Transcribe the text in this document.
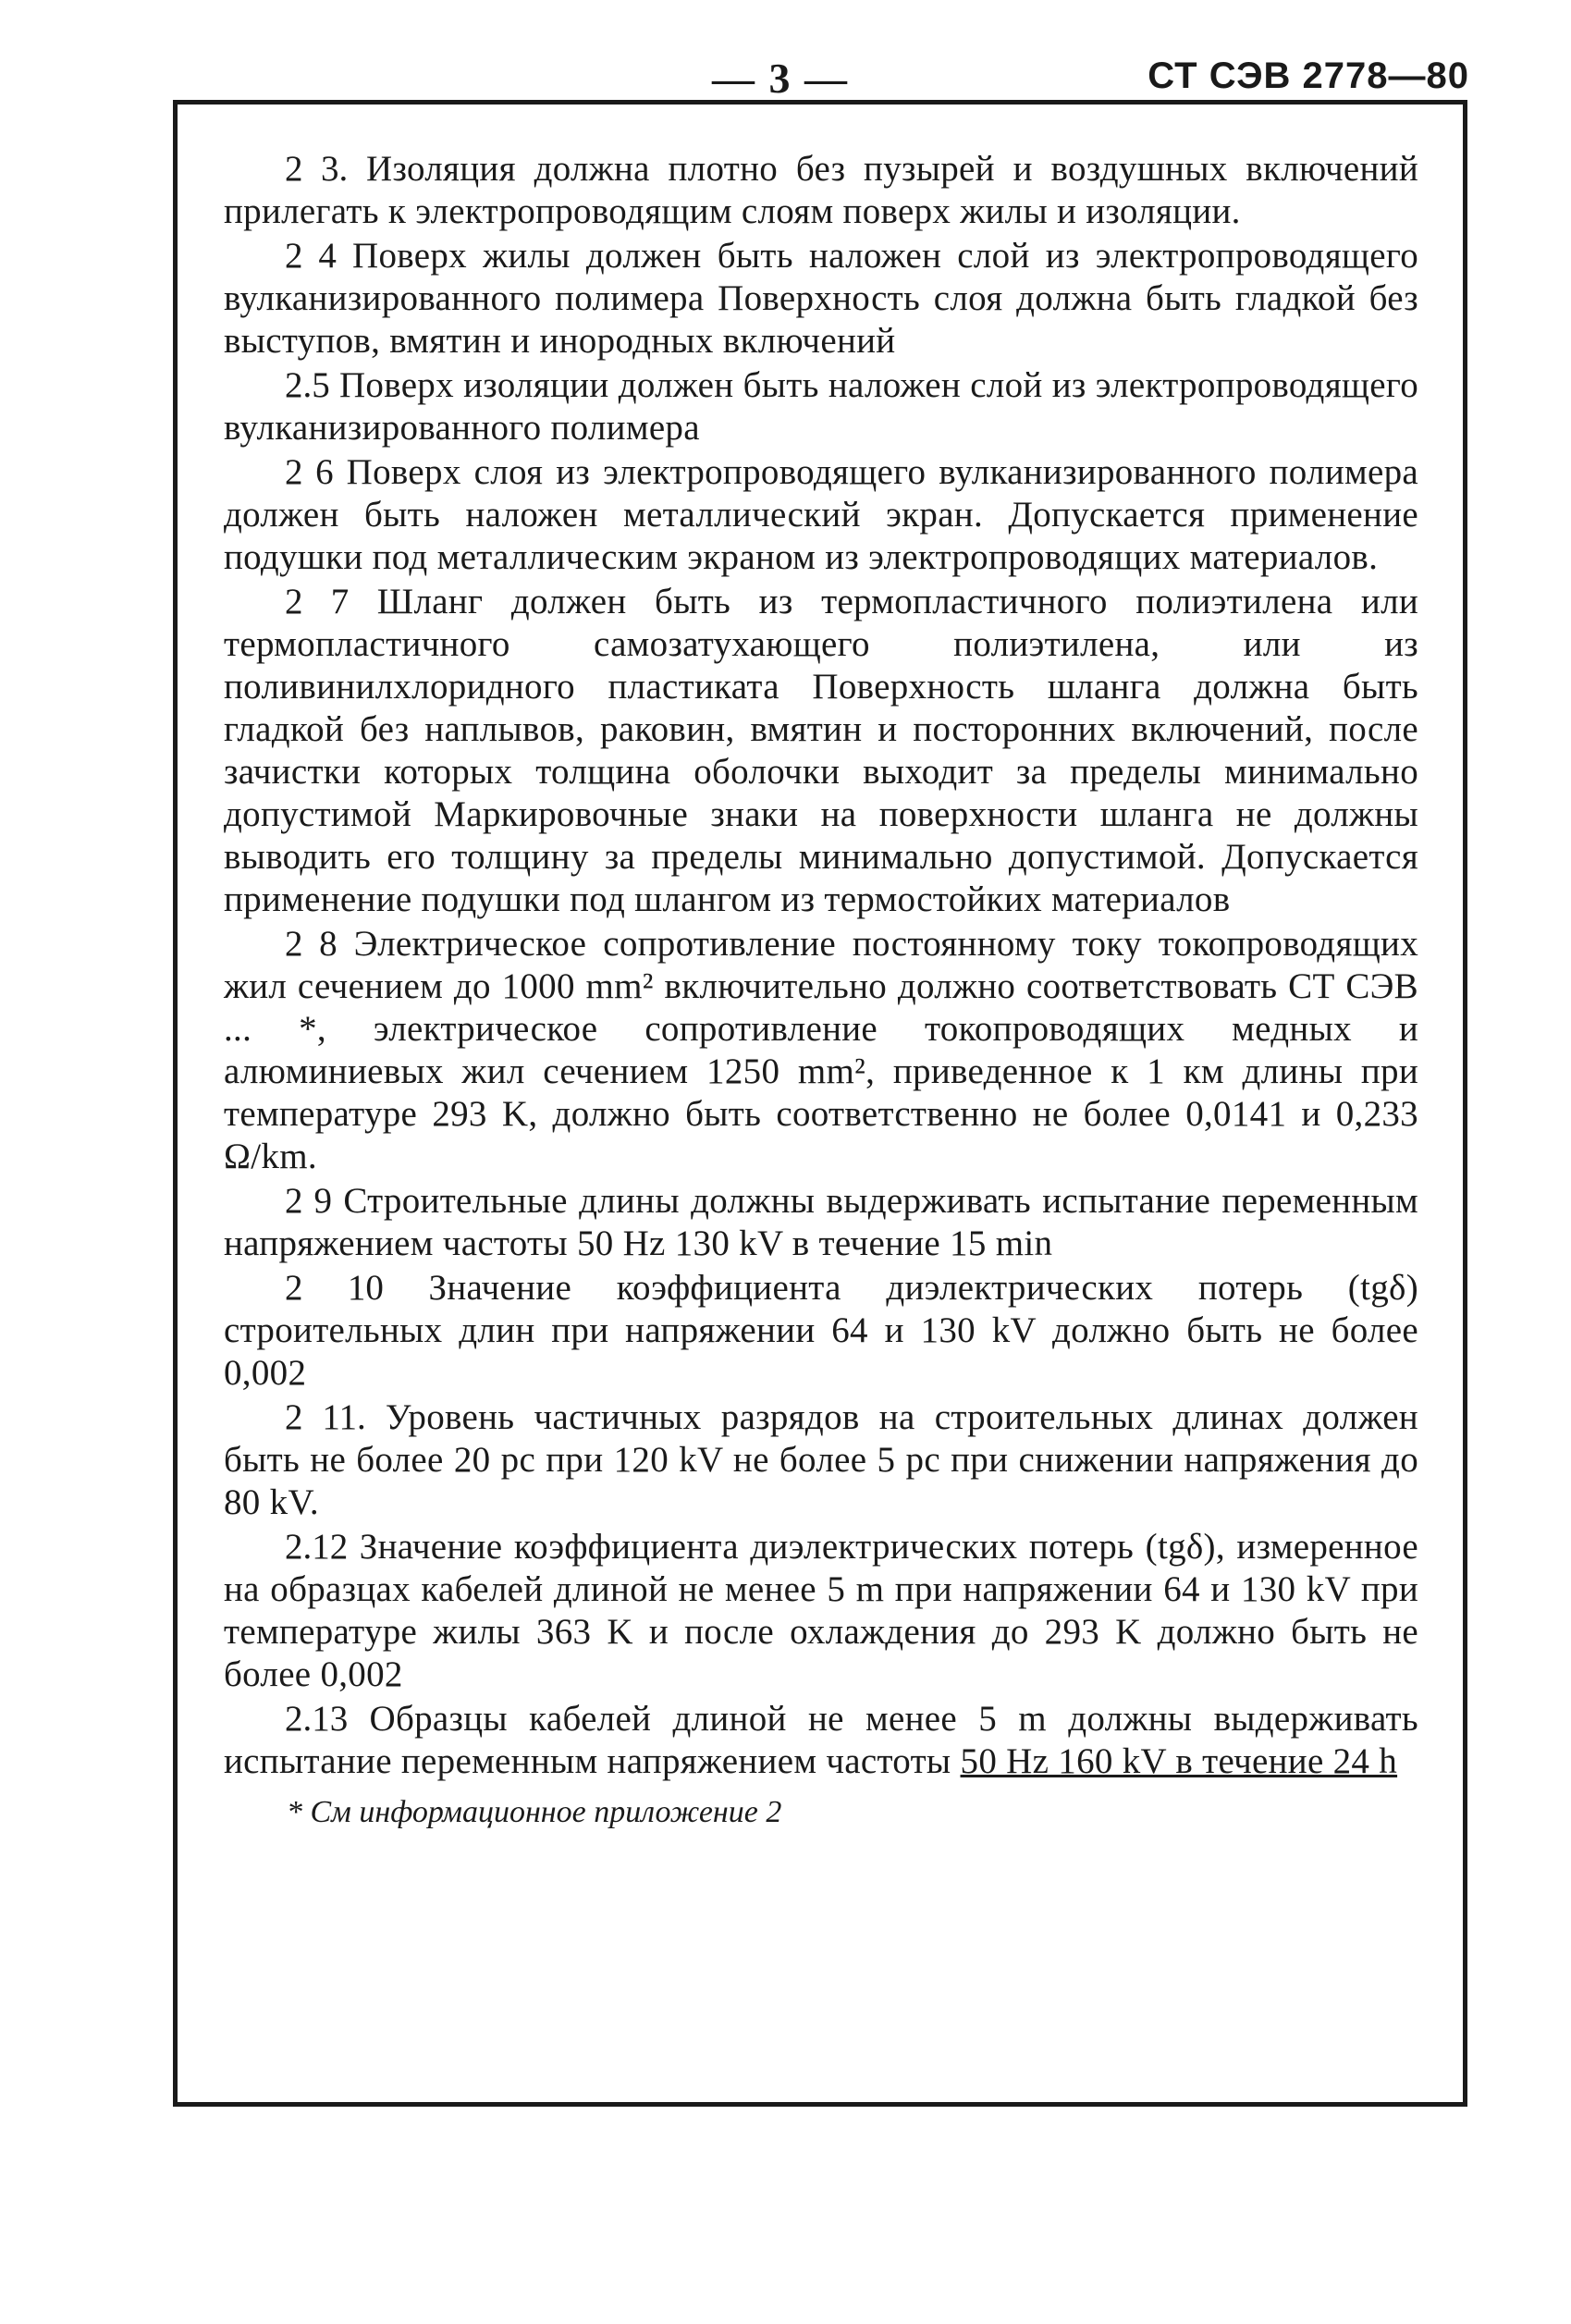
— 3 —	СТ СЭВ 2778—80

2 3. Изоляция должна плотно без пузырей и воздушных включений прилегать к электропроводящим слоям поверх жилы и изоляции.

2 4 Поверх жилы должен быть наложен слой из электропроводящего вулканизированного полимера Поверхность слоя должна быть гладкой без выступов, вмятин и инородных включений

2.5 Поверх изоляции должен быть наложен слой из электропроводящего вулканизированного полимера

2 6 Поверх слоя из электропроводящего вулканизированного полимера должен быть наложен металлический экран. Допускается применение подушки под металлическим экраном из электропроводящих материалов.

2 7 Шланг должен быть из термопластичного полиэтилена или термопластичного самозатухающего полиэтилена, или из поливинилхлоридного пластиката Поверхность шланга должна быть гладкой без наплывов, раковин, вмятин и посторонних включений, после зачистки которых толщина оболочки выходит за пределы минимально допустимой Маркировочные знаки на поверхности шланга не должны выводить его толщину за пределы минимально допустимой. Допускается применение подушки под шлангом из термостойких материалов

2 8 Электрическое сопротивление постоянному току токопроводящих жил сечением до 1000 mm² включительно должно соответствовать СТ СЭВ ... *, электрическое сопротивление токопроводящих медных и алюминиевых жил сечением 1250 mm², приведенное к 1 км длины при температуре 293 K, должно быть соответственно не более 0,0141 и 0,233 Ω/km.

2 9 Строительные длины должны выдерживать испытание переменным напряжением частоты 50 Hz 130 kV в течение 15 min

2 10 Значение коэффициента диэлектрических потерь (tgδ) строительных длин при напряжении 64 и 130 kV должно быть не более 0,002

2 11. Уровень частичных разрядов на строительных длинах должен быть не более 20 pc при 120 kV не более 5 pc при снижении напряжения до 80 kV.

2.12 Значение коэффициента диэлектрических потерь (tgδ), измеренное на образцах кабелей длиной не менее 5 m при напряжении 64 и 130 kV при температуре жилы 363 K и после охлаждения до 293 K должно быть не более 0,002

2.13 Образцы кабелей длиной не менее 5 m должны выдерживать испытание переменным напряжением частоты 50 Hz 160 kV в течение 24 h

* См информационное приложение 2
